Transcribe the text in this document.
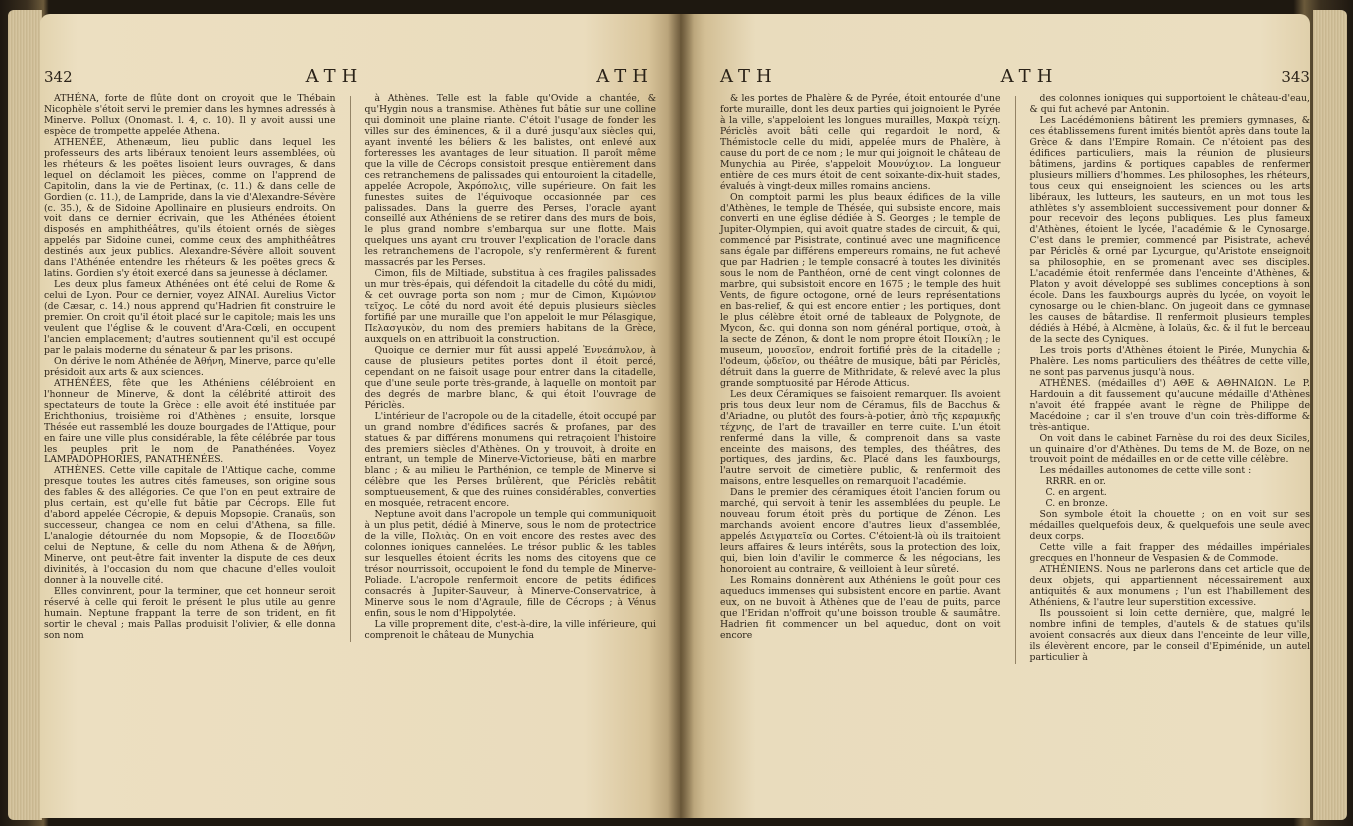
342	ATH	ATH

ATHÉNA, forte de flûte dont on croyoit que le Thébain Nicophèle s'étoit servi le premier dans les hymnes adressés à Minerve. Pollux (Onomast. l. 4, c. 10). Il y avoit aussi une espèce de trompette appelée Athena.

ATHENÉE, Athenæum, lieu public dans lequel les professeurs des arts libéraux tenoient leurs assemblées, où les rhéteurs & les poëtes lisoient leurs ouvrages, & dans lequel on déclamoit les pièces, comme on l'apprend de Capitolin, dans la vie de Pertinax, (c. 11.) & dans celle de Gordien (c. 11.), de Lampride, dans la vie d'Alexandre-Sévère (c. 35.), & de Sidoine Apollinaire en plusieurs endroits. On voit dans ce dernier écrivain, que les Athénées étoient disposés en amphithéâtres, qu'ils étoient ornés de sièges appelés par Sidoine cunei, comme ceux des amphithéâtres destinés aux jeux publics. Alexandre-Sévère alloit souvent dans l'Athénée entendre les rhéteurs & les poëtes grecs & latins. Gordien s'y étoit exercé dans sa jeunesse à déclamer.

Les deux plus fameux Athénées ont été celui de Rome & celui de Lyon. Pour ce dernier, voyez AINAI. Aurelius Victor (de Cæsar, c. 14.) nous apprend qu'Hadrien fit construire le premier. On croit qu'il étoit placé sur le capitole; mais les uns veulent que l'église & le couvent d'Ara-Cœli, en occupent l'ancien emplacement; d'autres soutiennent qu'il est occupé par le palais moderne du sénateur & par les prisons.

On dérive le nom Athénée de Ἀθήνη, Minerve, parce qu'elle présidoit aux arts & aux sciences.

ATHÉNÉES, fête que les Athéniens célébroient en l'honneur de Minerve, & dont la célébrité attiroit des spectateurs de toute la Grèce : elle avoit été instituée par Erichthonius, troisième roi d'Athènes ; ensuite, lorsque Thésée eut rassemblé les douze bourgades de l'Attique, pour en faire une ville plus considérable, la fête célébrée par tous les peuples prit le nom de Panathénées. Voyez LAMPADOPHORIES, PANATHÉNÉES.

ATHÈNES. Cette ville capitale de l'Attique cache, comme presque toutes les autres cités fameuses, son origine sous des fables & des allégories. Ce que l'on en peut extraire de plus certain, est qu'elle fut bâtie par Cécrops. Elle fut d'abord appelée Cécropie, & depuis Mopsopie. Cranaüs, son successeur, changea ce nom en celui d'Athena, sa fille. L'analogie détournée du nom Mopsopie, & de Ποσειδῶν celui de Neptune, & celle du nom Athena & de Ἀθήνη, Minerve, ont peut-être fait inventer la dispute de ces deux divinités, à l'occasion du nom que chacune d'elles vouloit donner à la nouvelle cité.

Elles convinrent, pour la terminer, que cet honneur seroit réservé à celle qui feroit le présent le plus utile au genre humain. Neptune frappant la terre de son trident, en fit sortir le cheval ; mais Pallas produisit l'olivier, & elle donna son nom

à Athènes. Telle est la fable qu'Ovide a chantée, & qu'Hygin nous a transmise. Athènes fut bâtie sur une colline qui dominoit une plaine riante. C'étoit l'usage de fonder les villes sur des éminences, & il a duré jusqu'aux siècles qui, ayant inventé les béliers & les balistes, ont enlevé aux forteresses les avantages de leur situation. Il paroît même que la ville de Cécrops consistoit presque entièrement dans ces retranchemens de palissades qui entouroient la citadelle, appelée Acropole, Ἀκρόπολις, ville supérieure. On fait les funestes suites de l'équivoque occasionnée par ces palissades. Dans la guerre des Perses, l'oracle ayant conseillé aux Athéniens de se retirer dans des murs de bois, le plus grand nombre s'embarqua sur une flotte. Mais quelques uns ayant cru trouver l'explication de l'oracle dans les retranchemens de l'acropole, s'y renfermèrent & furent massacrés par les Perses.

Cimon, fils de Miltiade, substitua à ces fragiles palissades un mur très-épais, qui défendoit la citadelle du côté du midi, & cet ouvrage porta son nom ; mur de Cimon, Κιμώνιον τεῖχος. Le côté du nord avoit été depuis plusieurs siècles fortifié par une muraille que l'on appeloit le mur Pélasgique, Πελασγικὸν, du nom des premiers habitans de la Grèce, auxquels on en attribuoit la construction.

Quoique ce dernier mur fût aussi appelé Ἐννεάπυλον, à cause de plusieurs petites portes dont il étoit percé, cependant on ne faisoit usage pour entrer dans la citadelle, que d'une seule porte très-grande, à laquelle on montoit par des degrés de marbre blanc, & qui étoit l'ouvrage de Périclès.

L'intérieur de l'acropole ou de la citadelle, étoit occupé par un grand nombre d'édifices sacrés & profanes, par des statues & par différens monumens qui retraçoient l'histoire des premiers siècles d'Athènes. On y trouvoit, à droite en entrant, un temple de Minerve-Victorieuse, bâti en marbre blanc ; & au milieu le Parthénion, ce temple de Minerve si célèbre que les Perses brûlèrent, que Périclès rebâtit somptueusement, & que des ruines considérables, converties en mosquée, retracent encore.

Neptune avoit dans l'acropole un temple qui communiquoit à un plus petit, dédié à Minerve, sous le nom de protectrice de la ville, Πολιὰς. On en voit encore des restes avec des colonnes ioniques cannelées. Le trésor public & les tables sur lesquelles étoient écrits les noms des citoyens que ce trésor nourrissoit, occupoient le fond du temple de Minerve-Poliade. L'acropole renfermoit encore de petits édifices consacrés à Jupiter-Sauveur, à Minerve-Conservatrice, à Minerve sous le nom d'Agraule, fille de Cécrops ; à Vénus enfin, sous le nom d'Hippolytée.

La ville proprement dite, c'est-à-dire, la ville inférieure, qui comprenoit le château de Munychia

ATH	ATH	343

& les portes de Phalère & de Pyrée, étoit entourée d'une forte muraille, dont les deux parties qui joignoient le Pyrée à la ville, s'appeloient les longues murailles, Μακρὰ τείχη. Périclès avoit bâti celle qui regardoit le nord, & Thémistocle celle du midi, appelée murs de Phalère, à cause du port de ce nom ; le mur qui joignoit le château de Munychia au Pirée, s'appeloit Μουνύχιον. La longueur entière de ces murs étoit de cent soixante-dix-huit stades, évalués à vingt-deux milles romains anciens.

On comptoit parmi les plus beaux édifices de la ville d'Athènes, le temple de Thésée, qui subsiste encore, mais converti en une église dédiée à S. Georges ; le temple de Jupiter-Olympien, qui avoit quatre stades de circuit, & qui, commencé par Pisistrate, continué avec une magnificence sans égale par différens empereurs romains, ne fut achevé que par Hadrien ; le temple consacré à toutes les divinités sous le nom de Panthéon, orné de cent vingt colonnes de marbre, qui subsistoit encore en 1675 ; le temple des huit Vents, de figure octogone, orné de leurs représentations en bas-relief, & qui est encore entier ; les portiques, dont le plus célèbre étoit orné de tableaux de Polygnote, de Mycon, &c. qui donna son nom général portique, στοὰ, à la secte de Zénon, & dont le nom propre étoit Ποικίλη ; le museum, μουσεῖον, endroit fortifié près de la citadelle ; l'odeum, ᾠδεῖον, ou théâtre de musique, bâti par Périclès, détruit dans la guerre de Mithridate, & relevé avec la plus grande somptuosité par Hérode Atticus.

Les deux Céramiques se faisoient remarquer. Ils avoient pris tous deux leur nom de Céramus, fils de Bacchus & d'Ariadne, ou plutôt des fours-à-potier, ἀπὸ τῆς κεραμικῆς τέχνης, de l'art de travailler en terre cuite. L'un étoit renfermé dans la ville, & comprenoit dans sa vaste enceinte des maisons, des temples, des théâtres, des portiques, des jardins, &c. Placé dans les fauxbourgs, l'autre servoit de cimetière public, & renfermoit des maisons, entre lesquelles on remarquoit l'académie.

Dans le premier des céramiques étoit l'ancien forum ou marché, qui servoit à tenir les assemblées du peuple. Le nouveau forum étoit près du portique de Zénon. Les marchands avoient encore d'autres lieux d'assemblée, appelés Δειγματεῖα ou Cortes. C'étoient-là où ils traitoient leurs affaires & leurs intérêts, sous la protection des loix, qui, bien loin d'avilir le commerce & les négocians, les honoroient au contraire, & veilloient à leur sûreté.

Les Romains donnèrent aux Athéniens le goût pour ces aqueducs immenses qui subsistent encore en partie. Avant eux, on ne buvoit à Athènes que de l'eau de puits, parce que l'Eridan n'offroit qu'une boisson trouble & saumâtre. Hadrien fit commencer un bel aqueduc, dont on voit encore

des colonnes ioniques qui supportoient le château-d'eau, & qui fut achevé par Antonin.

Les Lacédémoniens bâtirent les premiers gymnases, & ces établissemens furent imités bientôt après dans toute la Grèce & dans l'Empire Romain. Ce n'étoient pas des édifices particuliers, mais la réunion de plusieurs bâtimens, jardins & portiques capables de renfermer plusieurs milliers d'hommes. Les philosophes, les rhéteurs, tous ceux qui enseignoient les sciences ou les arts libéraux, les lutteurs, les sauteurs, en un mot tous les athlètes s'y assembloient successivement pour donner & pour recevoir des leçons publiques. Les plus fameux d'Athènes, étoient le lycée, l'académie & le Cynosarge. C'est dans le premier, commencé par Pisistrate, achevé par Périclès & orné par Lycurgue, qu'Aristote enseignoit sa philosophie, en se promenant avec ses disciples. L'académie étoit renfermée dans l'enceinte d'Athènes, & Platon y avoit développé ses sublimes conceptions à son école. Dans les fauxbourgs auprès du lycée, on voyoit le cynosarge ou le chien-blanc. On jugeoit dans ce gymnase les causes de bâtardise. Il renfermoit plusieurs temples dédiés à Hébé, à Alcmène, à Iolaüs, &c. & il fut le berceau de la secte des Cyniques.

Les trois ports d'Athènes étoient le Pirée, Munychia & Phalère. Les noms particuliers des théâtres de cette ville, ne sont pas parvenus jusqu'à nous.

ATHÈNES. (médailles d') ΑΘΕ & ΑΘΗΝΑΙΩΝ. Le P. Hardouin a dit faussement qu'aucune médaille d'Athènes n'avoit été frappée avant le règne de Philippe de Macédoine ; car il s'en trouve d'un coin très-difforme & très-antique.

On voit dans le cabinet Farnèse du roi des deux Siciles, un quinaire d'or d'Athènes. Du tems de M. de Boze, on ne trouvoit point de médailles en or de cette ville célèbre.

Les médailles autonomes de cette ville sont :

RRRR. en or.

C. en argent.

C. en bronze.

Son symbole étoit la chouette ; on en voit sur ses médailles quelquefois deux, & quelquefois une seule avec deux corps.

Cette ville a fait frapper des médailles impériales grecques en l'honneur de Vespasien & de Commode.

ATHÉNIENS. Nous ne parlerons dans cet article que de deux objets, qui appartiennent nécessairement aux antiquités & aux monumens ; l'un est l'habillement des Athéniens, & l'autre leur superstition excessive.

Ils poussoient si loin cette dernière, que, malgré le nombre infini de temples, d'autels & de statues qu'ils avoient consacrés aux dieux dans l'enceinte de leur ville, ils élevèrent encore, par le conseil d'Epiménide, un autel particulier à
